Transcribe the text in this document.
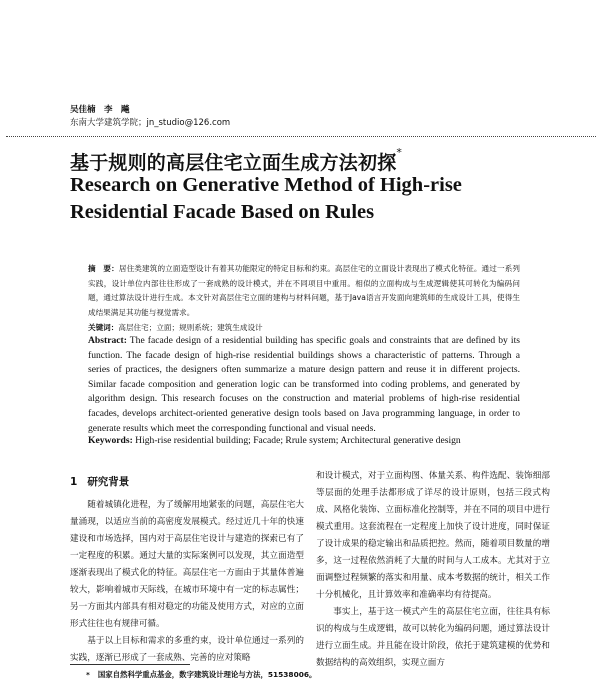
吴佳楠　李　飚
东南大学建筑学院；jn_studio@126.com
基于规则的高层住宅立面生成方法初探*
Research on Generative Method of High-rise Residential Facade Based on Rules
摘　要：居住类建筑的立面造型设计有着其功能限定的特定目标和约束。高层住宅的立面设计表现出了模式化特征。通过一系列实践，设计单位内部往往形成了一套成熟的设计模式，并在不同项目中重用。相似的立面构成与生成逻辑使其可转化为编码问题，通过算法设计进行生成。本文针对高层住宅立面的建构与材料问题，基于Java语言开发面向建筑师的生成设计工具，使得生成结果满足其功能与视觉需求。
关键词：高层住宅；立面；规则系统；建筑生成设计
Abstract: The facade design of a residential building has specific goals and constraints that are defined by its function. The facade design of high-rise residential buildings shows a characteristic of patterns. Through a series of practices, the designers often summarize a mature design pattern and reuse it in different projects. Similar facade composition and generation logic can be transformed into coding problems, and generated by algorithm design. This research focuses on the construction and material problems of high-rise residential facades, develops architect-oriented generative design tools based on Java programming language, in order to generate results which meet the corresponding functional and visual needs.
Keywords: High-rise residential building; Facade; Rrule system; Architectural generative design
1 研究背景

随着城镇化进程，为了缓解用地紧张的问题，高层住宅大量涌现，以适应当前的高密度发展模式。经过近几十年的快速建设和市场选择，国内对于高层住宅设计与建造的探索已有了一定程度的积累。通过大量的实际案例可以发现，其立面造型逐渐表现出了模式化的特征。高层住宅一方面由于其量体普遍较大，影响着城市天际线，在城市环境中有一定的标志属性；另一方面其内部具有相对稳定的功能及使用方式，对应的立面形式往往也有规律可循。

基于以上目标和需求的多重约束，设计单位通过一系列的实践，逐渐已形成了一套成熟、完善的应对策略

和设计模式，对于立面构图、体量关系、构件选配、装饰细部等层面的处理手法都形成了详尽的设计原则，包括三段式构成、风格化装饰、立面标准化控制等，并在不同的项目中进行模式重用。这套流程在一定程度上加快了设计进度，同时保证了设计成果的稳定输出和品质把控。然而，随着项目数量的增多，这一过程依然消耗了大量的时间与人工成本。尤其对于立面调整过程频繁的落实和用量、成本考数据的统计，相关工作十分机械化，且计算效率和准确率均有待提高。

事实上，基于这一模式产生的高层住宅立面，往往具有标识的构成与生成逻辑，故可以转化为编码问题，通过算法设计进行立面生成。并且能在设计阶段，依托于建筑建模的优势和数据结构的高效组织，实现立面方

* 国家自然科学重点基金，数字建筑设计理论与方法，51538006。
